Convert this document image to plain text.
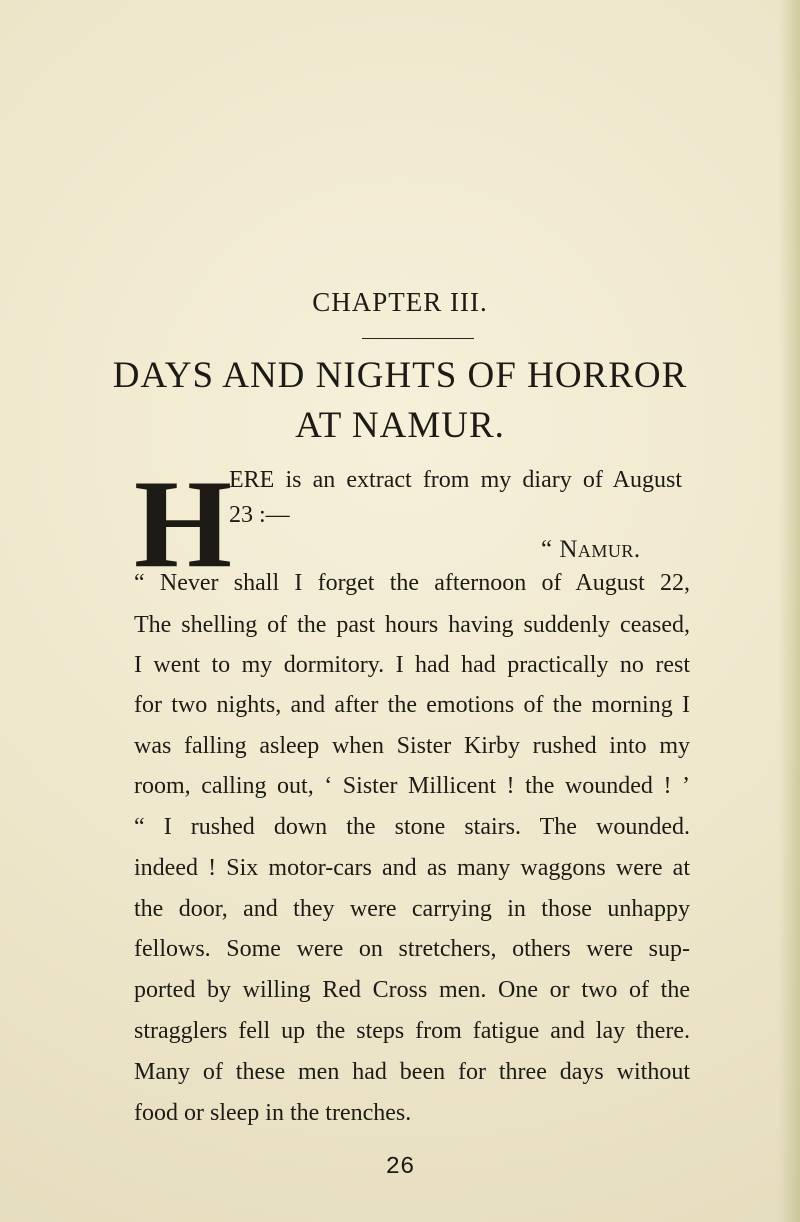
CHAPTER III.
DAYS AND NIGHTS OF HORROR
AT NAMUR.
H
ERE is an extract from my diary of August
23 :—
“ Namur.
“ Never shall I forget the afternoon of August 22,
The shelling of the past hours having suddenly ceased,
I went to my dormitory. I had had practically no rest
for two nights, and after the emotions of the morning I
was falling asleep when Sister Kirby rushed into my
room, calling out, ‘ Sister Millicent ! the wounded ! ’
“ I rushed down the stone stairs. The wounded.
indeed ! Six motor-cars and as many waggons were at
the door, and they were carrying in those unhappy
fellows. Some were on stretchers, others were sup-
ported by willing Red Cross men. One or two of the
stragglers fell up the steps from fatigue and lay there.
Many of these men had been for three days without
food or sleep in the trenches.
26
